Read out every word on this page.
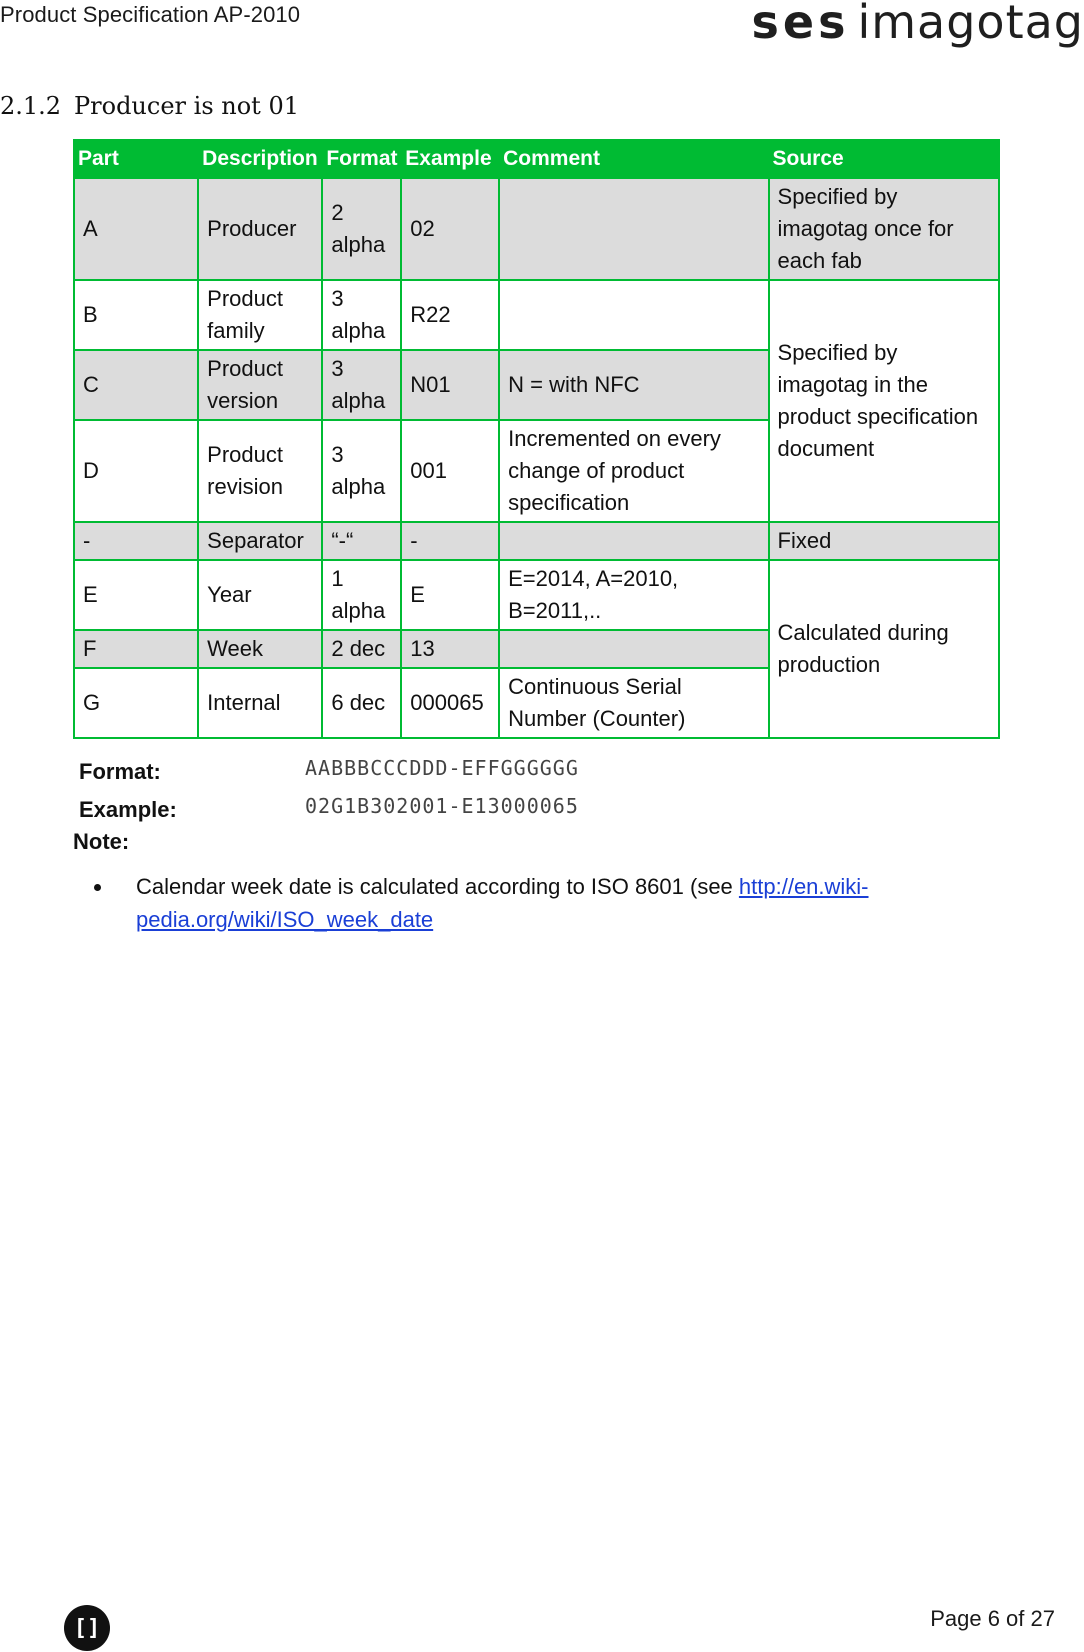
Product Specification AP-2010	ses imagotag
2.1.2 Producer is not 01
Part	Description	Format	Example	Comment	Source
A	Producer	2 alpha	02		Specified by imagotag once for each fab
B	Product family	3 alpha	R22		Specified by imagotag in the product specification document
C	Product version	3 alpha	N01	N = with NFC	
D	Product revision	3 alpha	001	Incremented on every change of product specification	
-	Separator	“-“	-		Fixed
E	Year	1 alpha	E	E=2014, A=2010, B=2011,..	Calculated during production
F	Week	2 dec	13		
G	Internal	6 dec	000065	Continuous Serial Number (Counter)	
Format:	AABBBCCCDDD-EFFGGGGGG
Example:	02G1B302001-E13000065
Note:
Calendar week date is calculated according to ISO 8601 (see http://en.wiki-
pedia.org/wiki/ISO_week_date
[]	Page 6 of 27
